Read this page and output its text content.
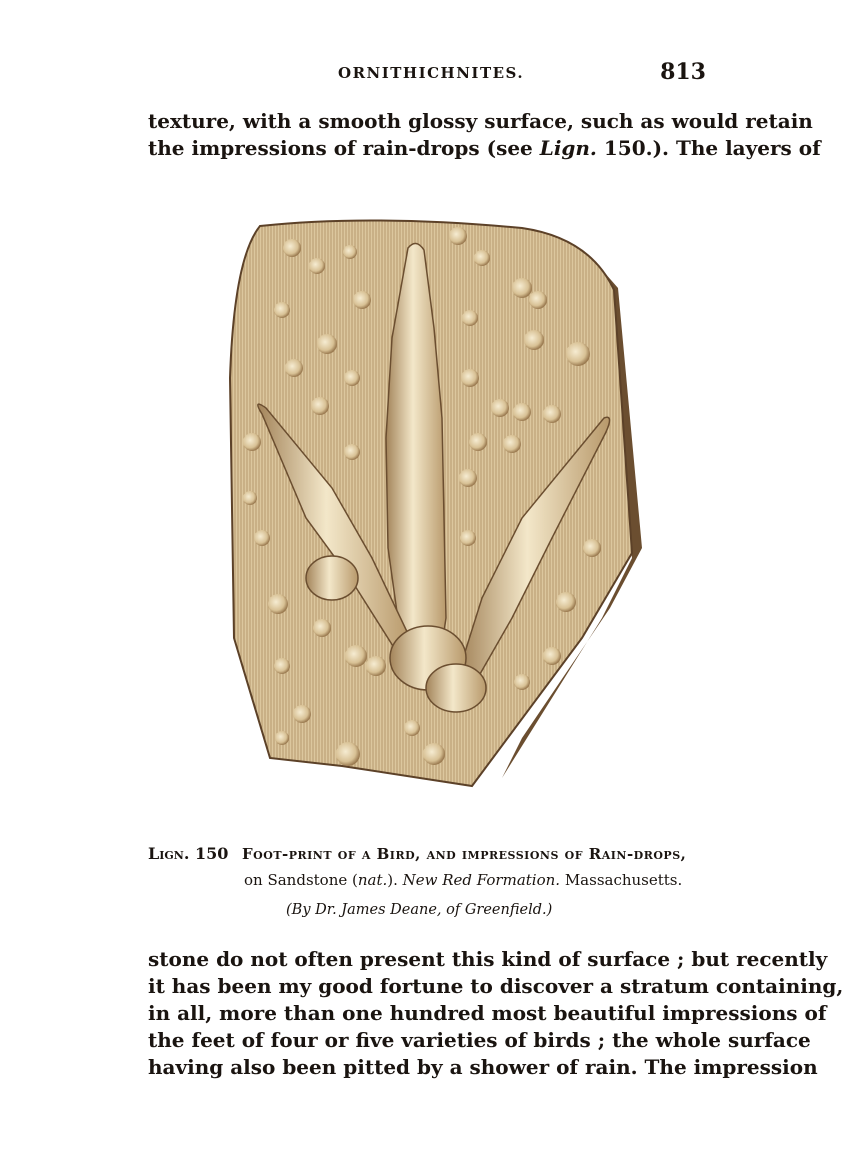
ORNITHICHNITES.	813
texture, with a smooth glossy surface, such as would retain
the impressions of rain-drops (see Lign. 150.). The layers of
Lign. 150 Foot-print of a Bird, and impressions of Rain-drops,
on Sandstone (nat.). New Red Formation. Massachusetts.
(By Dr. James Deane, of Greenfield.)
stone do not often present this kind of surface ; but recently
it has been my good fortune to discover a stratum containing,
in all, more than one hundred most beautiful impressions of
the feet of four or five varieties of birds ; the whole surface
having also been pitted by a shower of rain. The impression
